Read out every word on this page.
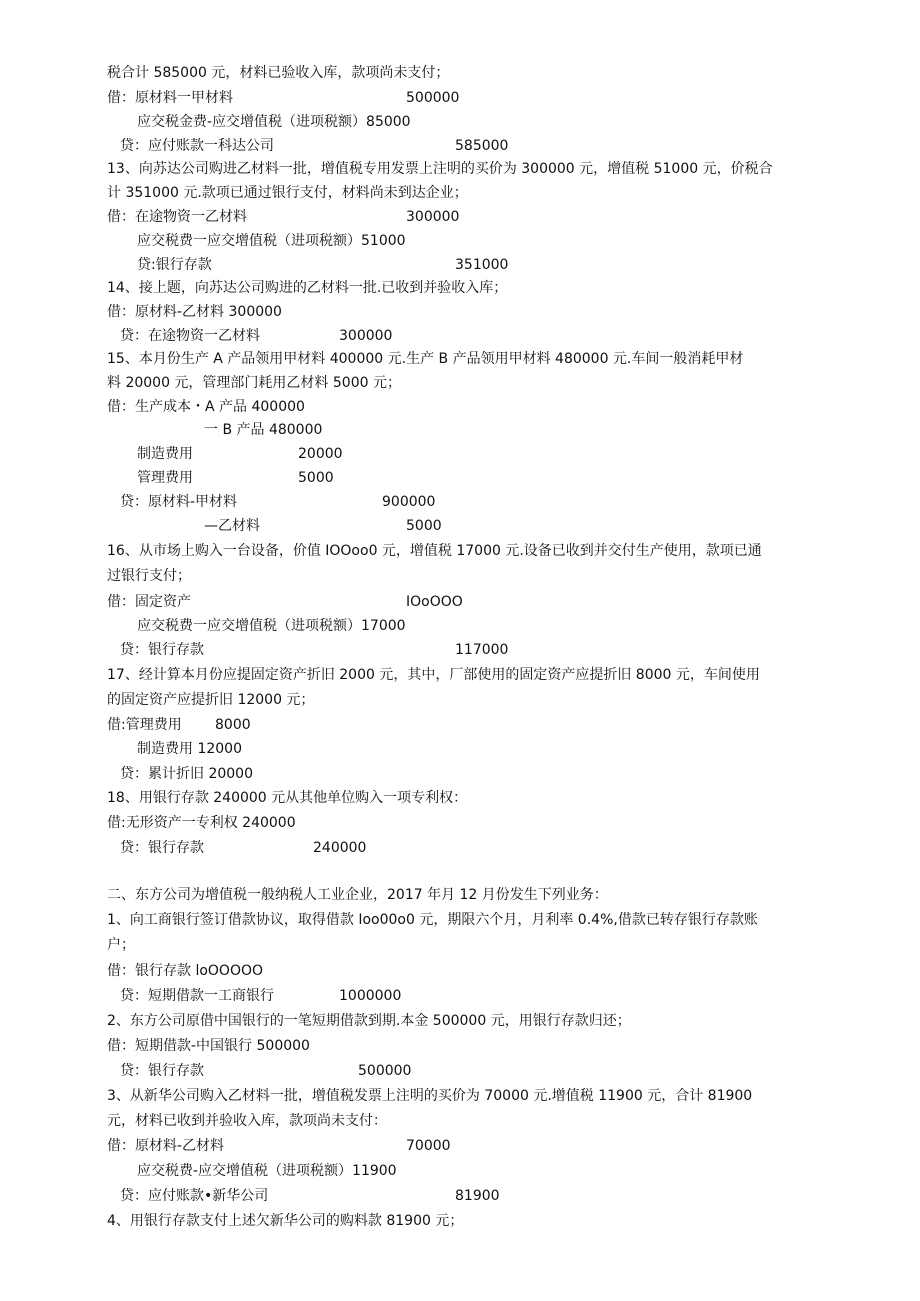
税合计 585000 元，材料已验收入库，款项尚未支付；
借：原材料一甲材料	500000
应交税金费-应交增值税（进项税额）85000
贷：应付账款一科达公司	585000
13、向苏达公司购进乙材料一批，增值税专用发票上注明的买价为 300000 元，增值税 51000 元，价税合
计 351000 元.款项已通过银行支付，材料尚未到达企业；
借：在途物资一乙材料	300000
应交税费一应交增值税（进项税额）51000
贷:银行存款	351000
14、接上题，向苏达公司购进的乙材料一批.已收到并验收入库；
借：原材料-乙材料 300000
贷：在途物资一乙材料	300000
15、本月份生产 A 产品领用甲材料 400000 元.生产 B 产品领用甲材料 480000 元.车间一般消耗甲材
料 20000 元，管理部门耗用乙材料 5000 元；
借：生产成本・A 产品 400000
一 B 产品 480000
制造费用	20000
管理费用	5000
贷：原材料-甲材料	900000
—乙材料	5000
16、从市场上购入一台设备，价值 IOOoo0 元，增值税 17000 元.设备已收到并交付生产使用，款项已通
过银行支付；
借：固定资产	IOoOOO
应交税费一应交增值税（进项税额）17000
贷：银行存款	117000
17、经计算本月份应提固定资产折旧 2000 元，其中，厂部使用的固定资产应提折旧 8000 元，车间使用
的固定资产应提折旧 12000 元；
借:管理费用 8000
制造费用 12000
贷：累计折旧 20000
18、用银行存款 240000 元从其他单位购入一项专利权：
借:无形资产一专利权 240000
贷：银行存款	240000
二、东方公司为增值税一般纳税人工业企业，2017 年月 12 月份发生下列业务：
1、向工商银行签订借款协议，取得借款 Ioo00o0 元，期限六个月，月利率 0.4%,借款已转存银行存款账
户；
借：银行存款 loOOOOO
贷：短期借款一工商银行	1000000
2、东方公司原借中国银行的一笔短期借款到期.本金 500000 元，用银行存款归还；
借：短期借款-中国银行 500000
贷：银行存款	500000
3、从新华公司购入乙材料一批，增值税发票上注明的买价为 70000 元.增值税 11900 元，合计 81900
元，材料已收到并验收入库，款项尚未支付：
借：原材料-乙材料	70000
应交税费-应交增值税（进项税额）11900
贷：应付账款•新华公司	81900
4、用银行存款支付上述欠新华公司的购料款 81900 元；
